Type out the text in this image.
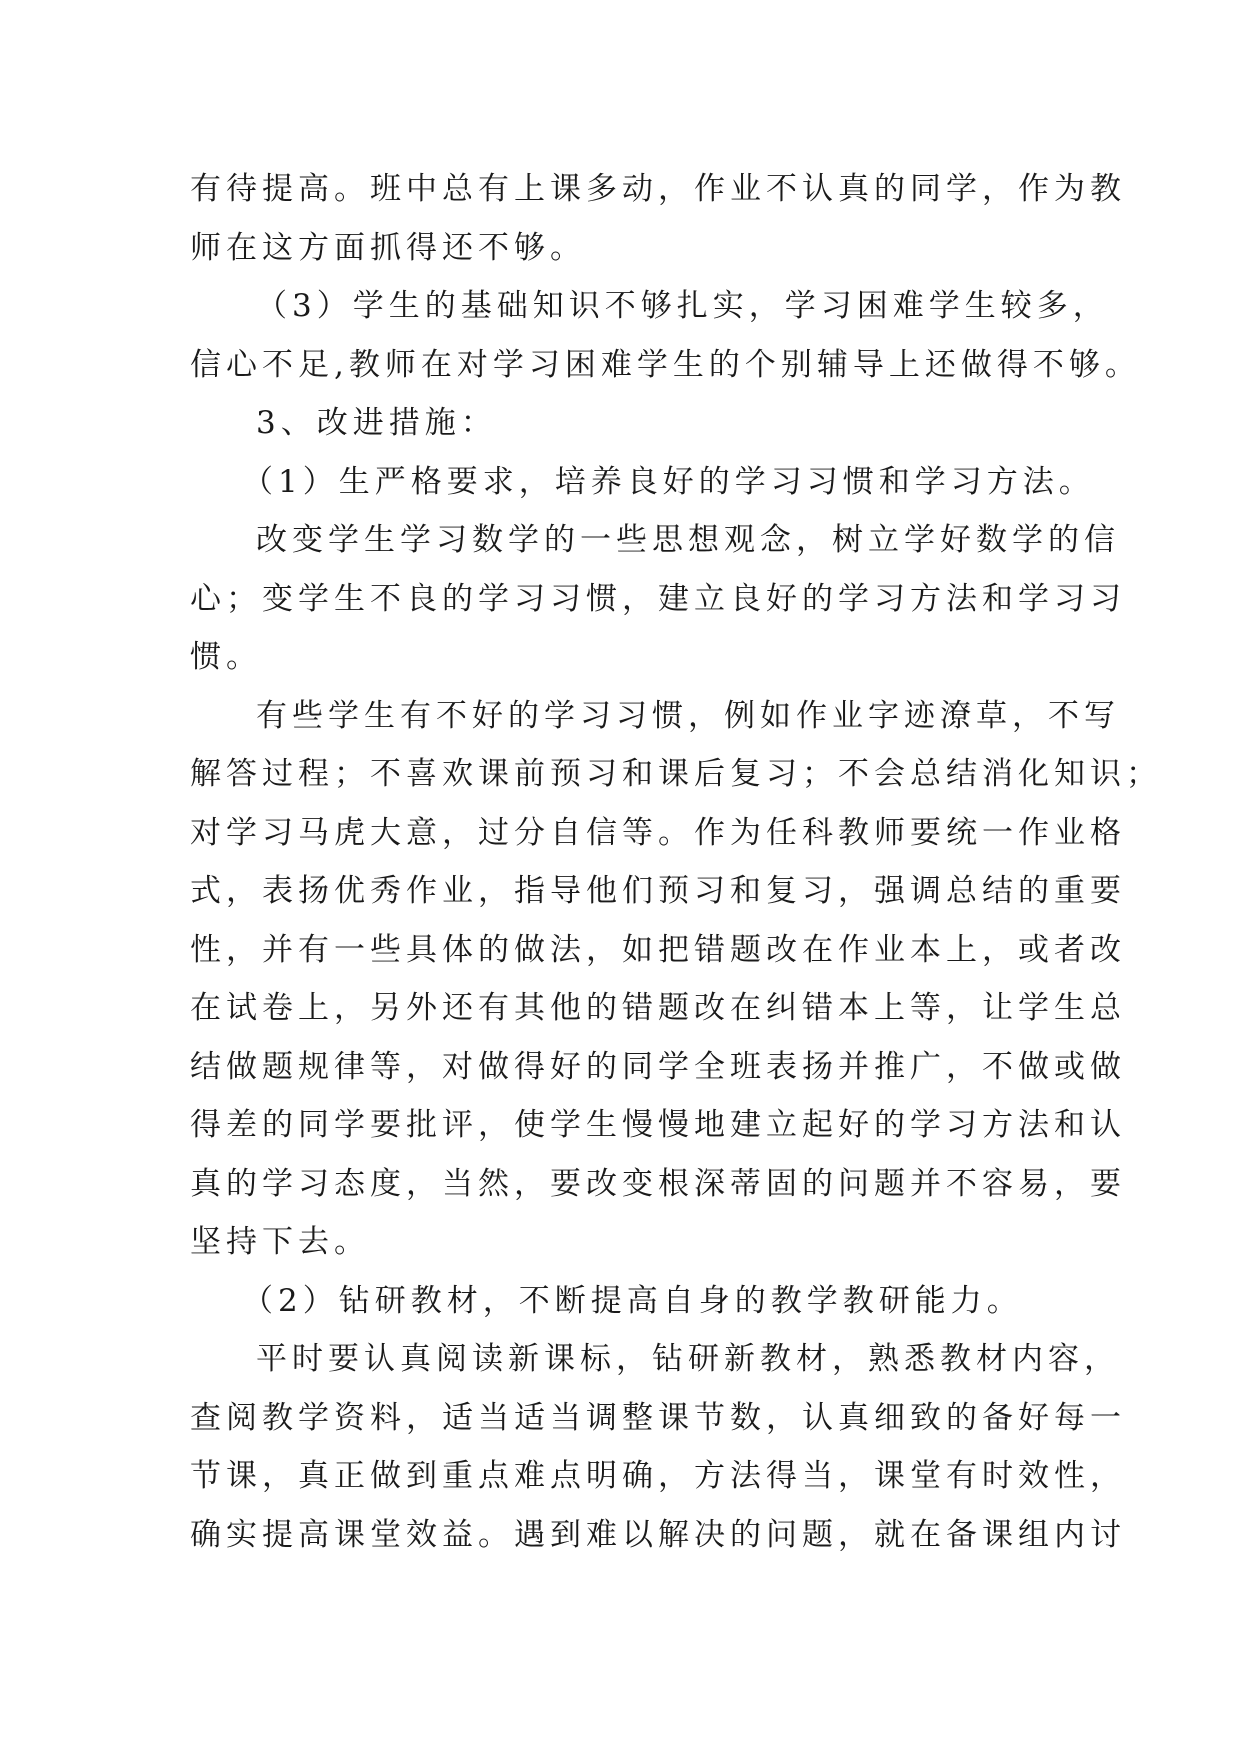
有待提高。班中总有上课多动，作业不认真的同学，作为教
师在这方面抓得还不够。
（3）学生的基础知识不够扎实，学习困难学生较多，
信心不足,教师在对学习困难学生的个别辅导上还做得不够。
3、改进措施：
（1）生严格要求，培养良好的学习习惯和学习方法。
改变学生学习数学的一些思想观念，树立学好数学的信
心；变学生不良的学习习惯，建立良好的学习方法和学习习
惯。
有些学生有不好的学习习惯，例如作业字迹潦草，不写
解答过程；不喜欢课前预习和课后复习；不会总结消化知识；
对学习马虎大意，过分自信等。作为任科教师要统一作业格
式，表扬优秀作业，指导他们预习和复习，强调总结的重要
性，并有一些具体的做法，如把错题改在作业本上，或者改
在试卷上，另外还有其他的错题改在纠错本上等，让学生总
结做题规律等，对做得好的同学全班表扬并推广，不做或做
得差的同学要批评，使学生慢慢地建立起好的学习方法和认
真的学习态度，当然，要改变根深蒂固的问题并不容易，要
坚持下去。
（2）钻研教材，不断提高自身的教学教研能力。
平时要认真阅读新课标，钻研新教材，熟悉教材内容，
查阅教学资料，适当适当调整课节数，认真细致的备好每一
节课，真正做到重点难点明确，方法得当，课堂有时效性，
确实提高课堂效益。遇到难以解决的问题，就在备课组内讨
